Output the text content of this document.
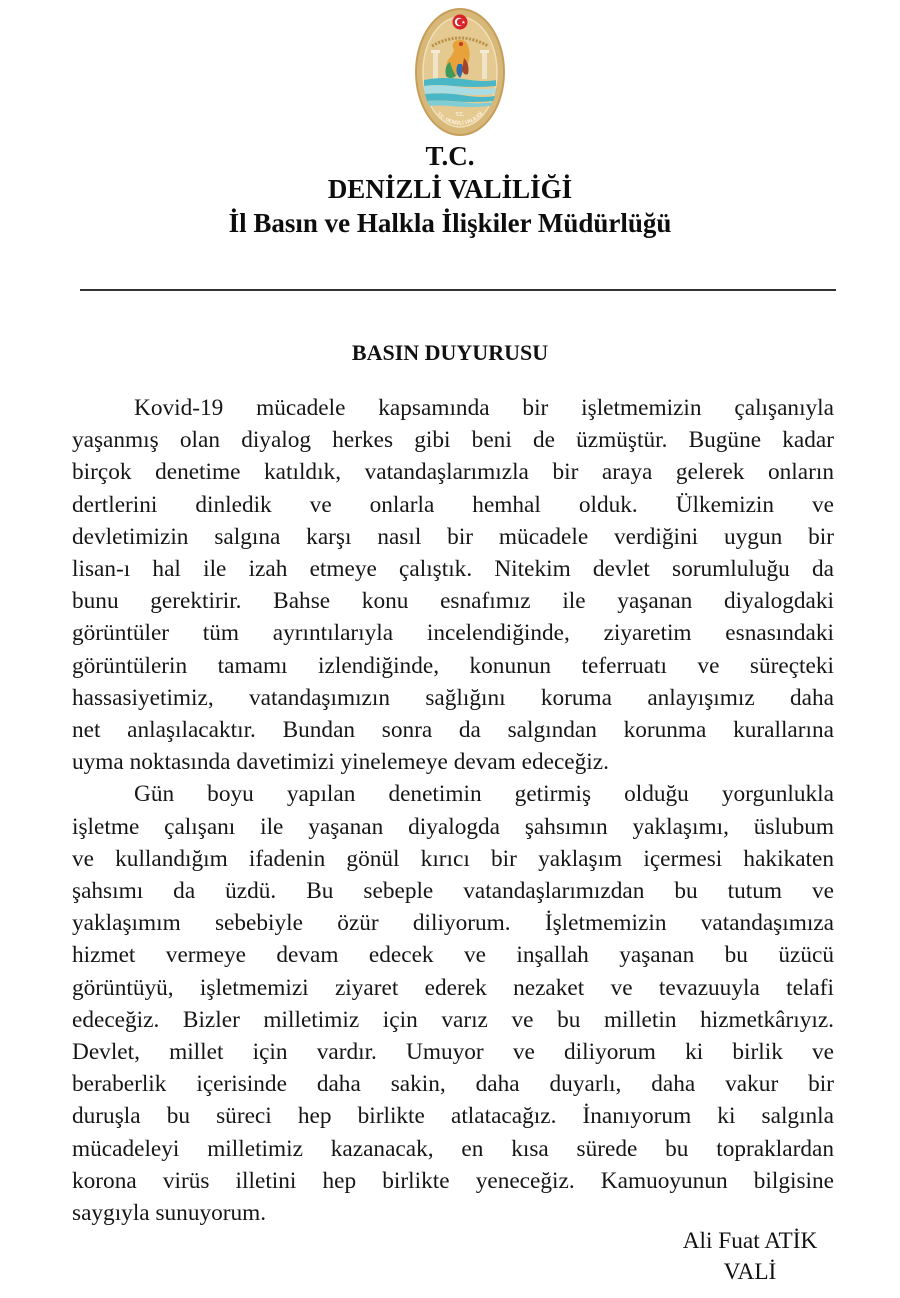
T.C.
T.C. DENİZLİ VALİLİĞİ
T.C.
DENİZLİ VALİLİĞİ
İl Basın ve Halkla İlişkiler Müdürlüğü
BASIN DUYURUSU
Kovid-19 mücadele kapsamında bir işletmemizin çalışanıyla
yaşanmış olan diyalog herkes gibi beni de üzmüştür. Bugüne kadar
birçok denetime katıldık, vatandaşlarımızla bir araya gelerek onların
dertlerini dinledik ve onlarla hemhal olduk. Ülkemizin ve
devletimizin salgına karşı nasıl bir mücadele verdiğini uygun bir
lisan-ı hal ile izah etmeye çalıştık. Nitekim devlet sorumluluğu da
bunu gerektirir. Bahse konu esnafımız ile yaşanan diyalogdaki
görüntüler tüm ayrıntılarıyla incelendiğinde, ziyaretim esnasındaki
görüntülerin tamamı izlendiğinde, konunun teferruatı ve süreçteki
hassasiyetimiz, vatandaşımızın sağlığını koruma anlayışımız daha
net anlaşılacaktır. Bundan sonra da salgından korunma kurallarına
uyma noktasında davetimizi yinelemeye devam edeceğiz.
Gün boyu yapılan denetimin getirmiş olduğu yorgunlukla
işletme çalışanı ile yaşanan diyalogda şahsımın yaklaşımı, üslubum
ve kullandığım ifadenin gönül kırıcı bir yaklaşım içermesi hakikaten
şahsımı da üzdü. Bu sebeple vatandaşlarımızdan bu tutum ve
yaklaşımım sebebiyle özür diliyorum. İşletmemizin vatandaşımıza
hizmet vermeye devam edecek ve inşallah yaşanan bu üzücü
görüntüyü, işletmemizi ziyaret ederek nezaket ve tevazuuyla telafi
edeceğiz. Bizler milletimiz için varız ve bu milletin hizmetkârıyız.
Devlet, millet için vardır. Umuyor ve diliyorum ki birlik ve
beraberlik içerisinde daha sakin, daha duyarlı, daha vakur bir
duruşla bu süreci hep birlikte atlatacağız. İnanıyorum ki salgınla
mücadeleyi milletimiz kazanacak, en kısa sürede bu topraklardan
korona virüs illetini hep birlikte yeneceğiz. Kamuoyunun bilgisine
saygıyla sunuyorum.
Ali Fuat ATİK
VALİ
